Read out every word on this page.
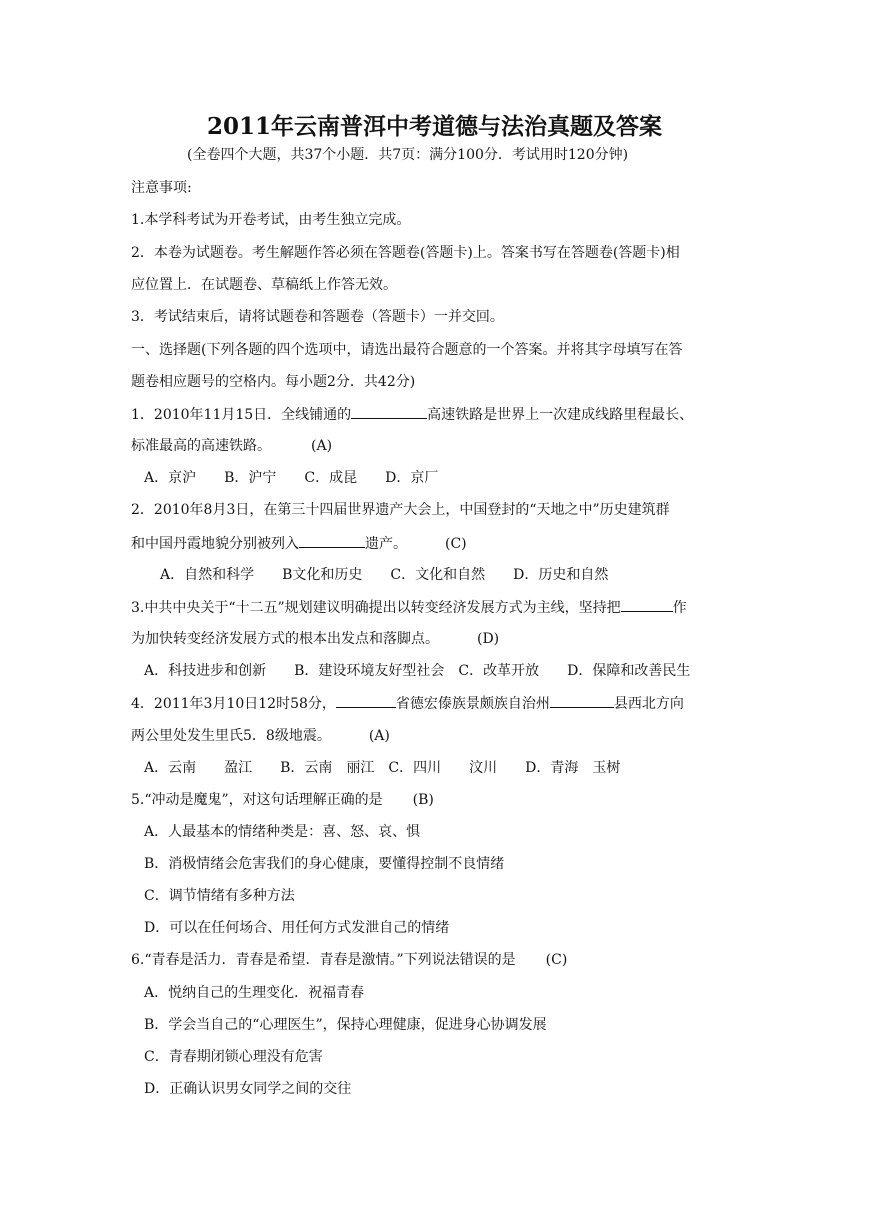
2011年云南普洱中考道德与法治真题及答案
(全卷四个大题，共37个小题．共7页：满分100分．考试用时120分钟)
注意事项:
1.本学科考试为开卷考试，由考生独立完成。
2．本卷为试题卷。考生解题作答必须在答题卷(答题卡)上。答案书写在答题卷(答题卡)相
应位置上．在试题卷、草稿纸上作答无效。
3．考试结束后，请将试题卷和答题卷（答题卡）一并交回。
一、选择题(下列各题的四个选项中，请选出最符合题意的一个答案。并将其字母填写在答
题卷相应题号的空格内。每小题2分．共42分)
1．2010年11月15日．全线铺通的	高速铁路是世界上一次建成线路里程最长、
标准最高的高速铁路。	(A)
A．京沪　　B．沪宁　　C．成昆　　D．京厂
2．2010年8月3日，在第三十四届世界遗产大会上，中国登封的“天地之中”历史建筑群
和中国丹霞地貌分别被列入	遗产。	(C)
A．自然和科学　　B文化和历史　　C．文化和自然　　D．历史和自然
3.中共中央关于“十二五”规划建议明确提出以转变经济发展方式为主线，坚持把	作
为加快转变经济发展方式的根本出发点和落脚点。	(D)
A．科技进步和创新　　B．建设环境友好型社会　C．改革开放　　D．保障和改善民生
4．2011年3月10日12时58分，	省德宏傣族景颇族自治州	县西北方向
两公里处发生里氏5．8级地震。	(A)
A．云南　　盈江　　B．云南　丽江　C．四川　　汶川　　D．青海　玉树
5.“冲动是魔鬼”，对这句话理解正确的是 (B)
A．人最基本的情绪种类是：喜、怒、哀、惧
B．消极情绪会危害我们的身心健康，要懂得控制不良情绪
C．调节情绪有多种方法
D．可以在任何场合、用任何方式发泄自己的情绪
6.“青春是活力．青春是希望．青春是激情。”下列说法错误的是 (C)
A．悦纳自己的生理变化．祝福青春
B．学会当自己的“心理医生”，保持心理健康，促进身心协调发展
C．青春期闭锁心理没有危害
D．正确认识男女同学之间的交往
